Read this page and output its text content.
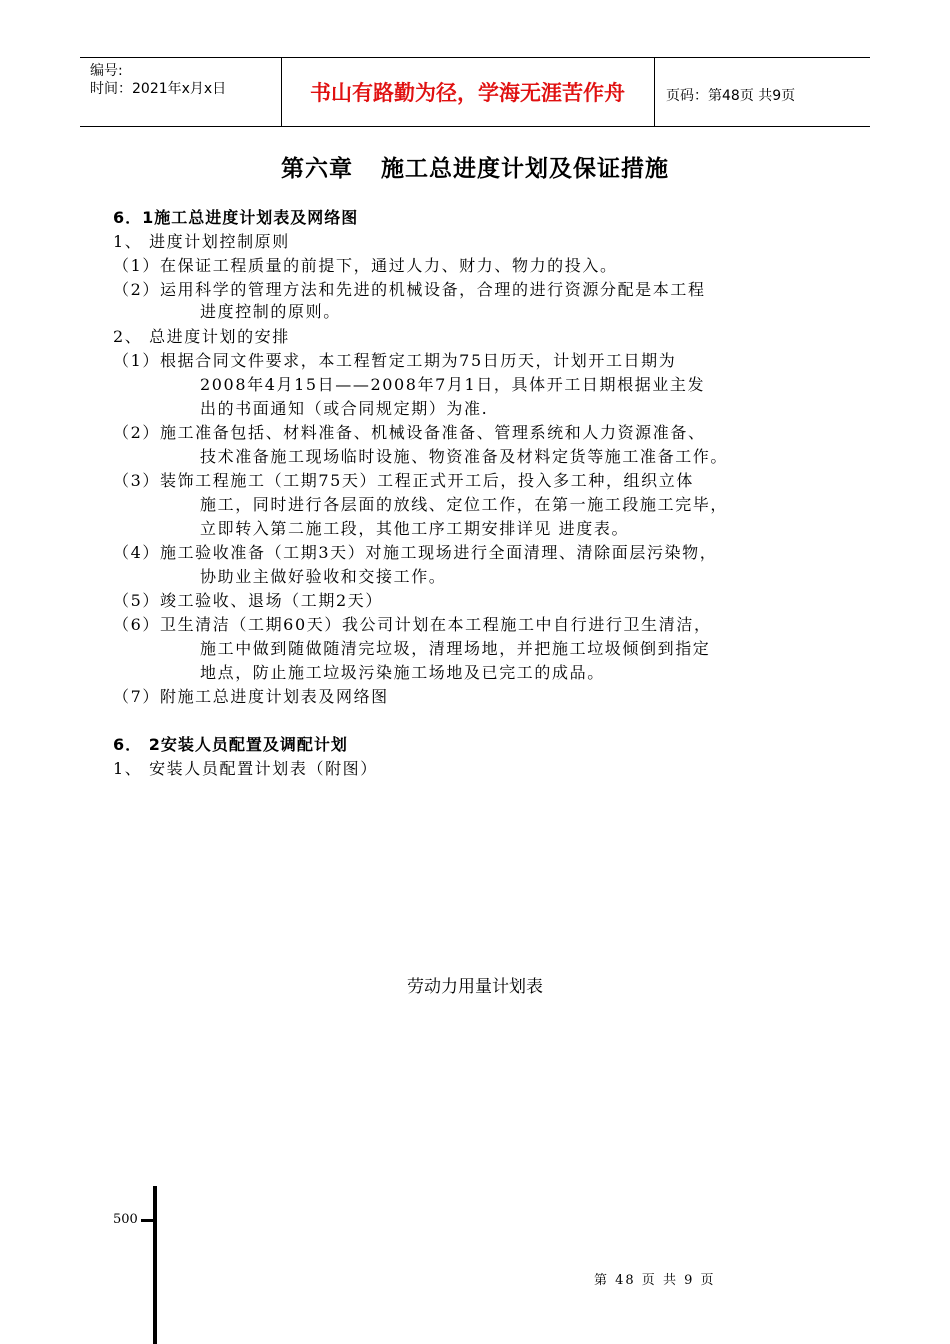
编号:
时间：2021年x月x日	书山有路勤为径，学海无涯苦作舟	页码：第48页 共9页
第六章 施工总进度计划及保证措施
6．1施工总进度计划表及网络图
1、 进度计划控制原则
（1）在保证工程质量的前提下，通过人力、财力、物力的投入。
（2）运用科学的管理方法和先进的机械设备，合理的进行资源分配是本工程
进度控制的原则。
2、 总进度计划的安排
（1）根据合同文件要求，本工程暂定工期为75日历天，计划开工日期为
2008年4月15日——2008年7月1日，具体开工日期根据业主发
出的书面通知（或合同规定期）为准.
（2）施工准备包括、材料准备、机械设备准备、管理系统和人力资源准备、
技术准备施工现场临时设施、物资准备及材料定货等施工准备工作。
（3）装饰工程施工（工期75天）工程正式开工后，投入多工种，组织立体
施工，同时进行各层面的放线、定位工作，在第一施工段施工完毕，
立即转入第二施工段，其他工序工期安排详见 进度表。
（4）施工验收准备（工期3天）对施工现场进行全面清理、清除面层污染物，
协助业主做好验收和交接工作。
（5）竣工验收、退场（工期2天）
（6）卫生清洁（工期60天）我公司计划在本工程施工中自行进行卫生清洁，
施工中做到随做随清完垃圾，清理场地，并把施工垃圾倾倒到指定
地点，防止施工垃圾污染施工场地及已完工的成品。
（7）附施工总进度计划表及网络图
6． 2安装人员配置及调配计划
1、 安装人员配置计划表（附图）
劳动力用量计划表
500
第 48 页 共 9 页
